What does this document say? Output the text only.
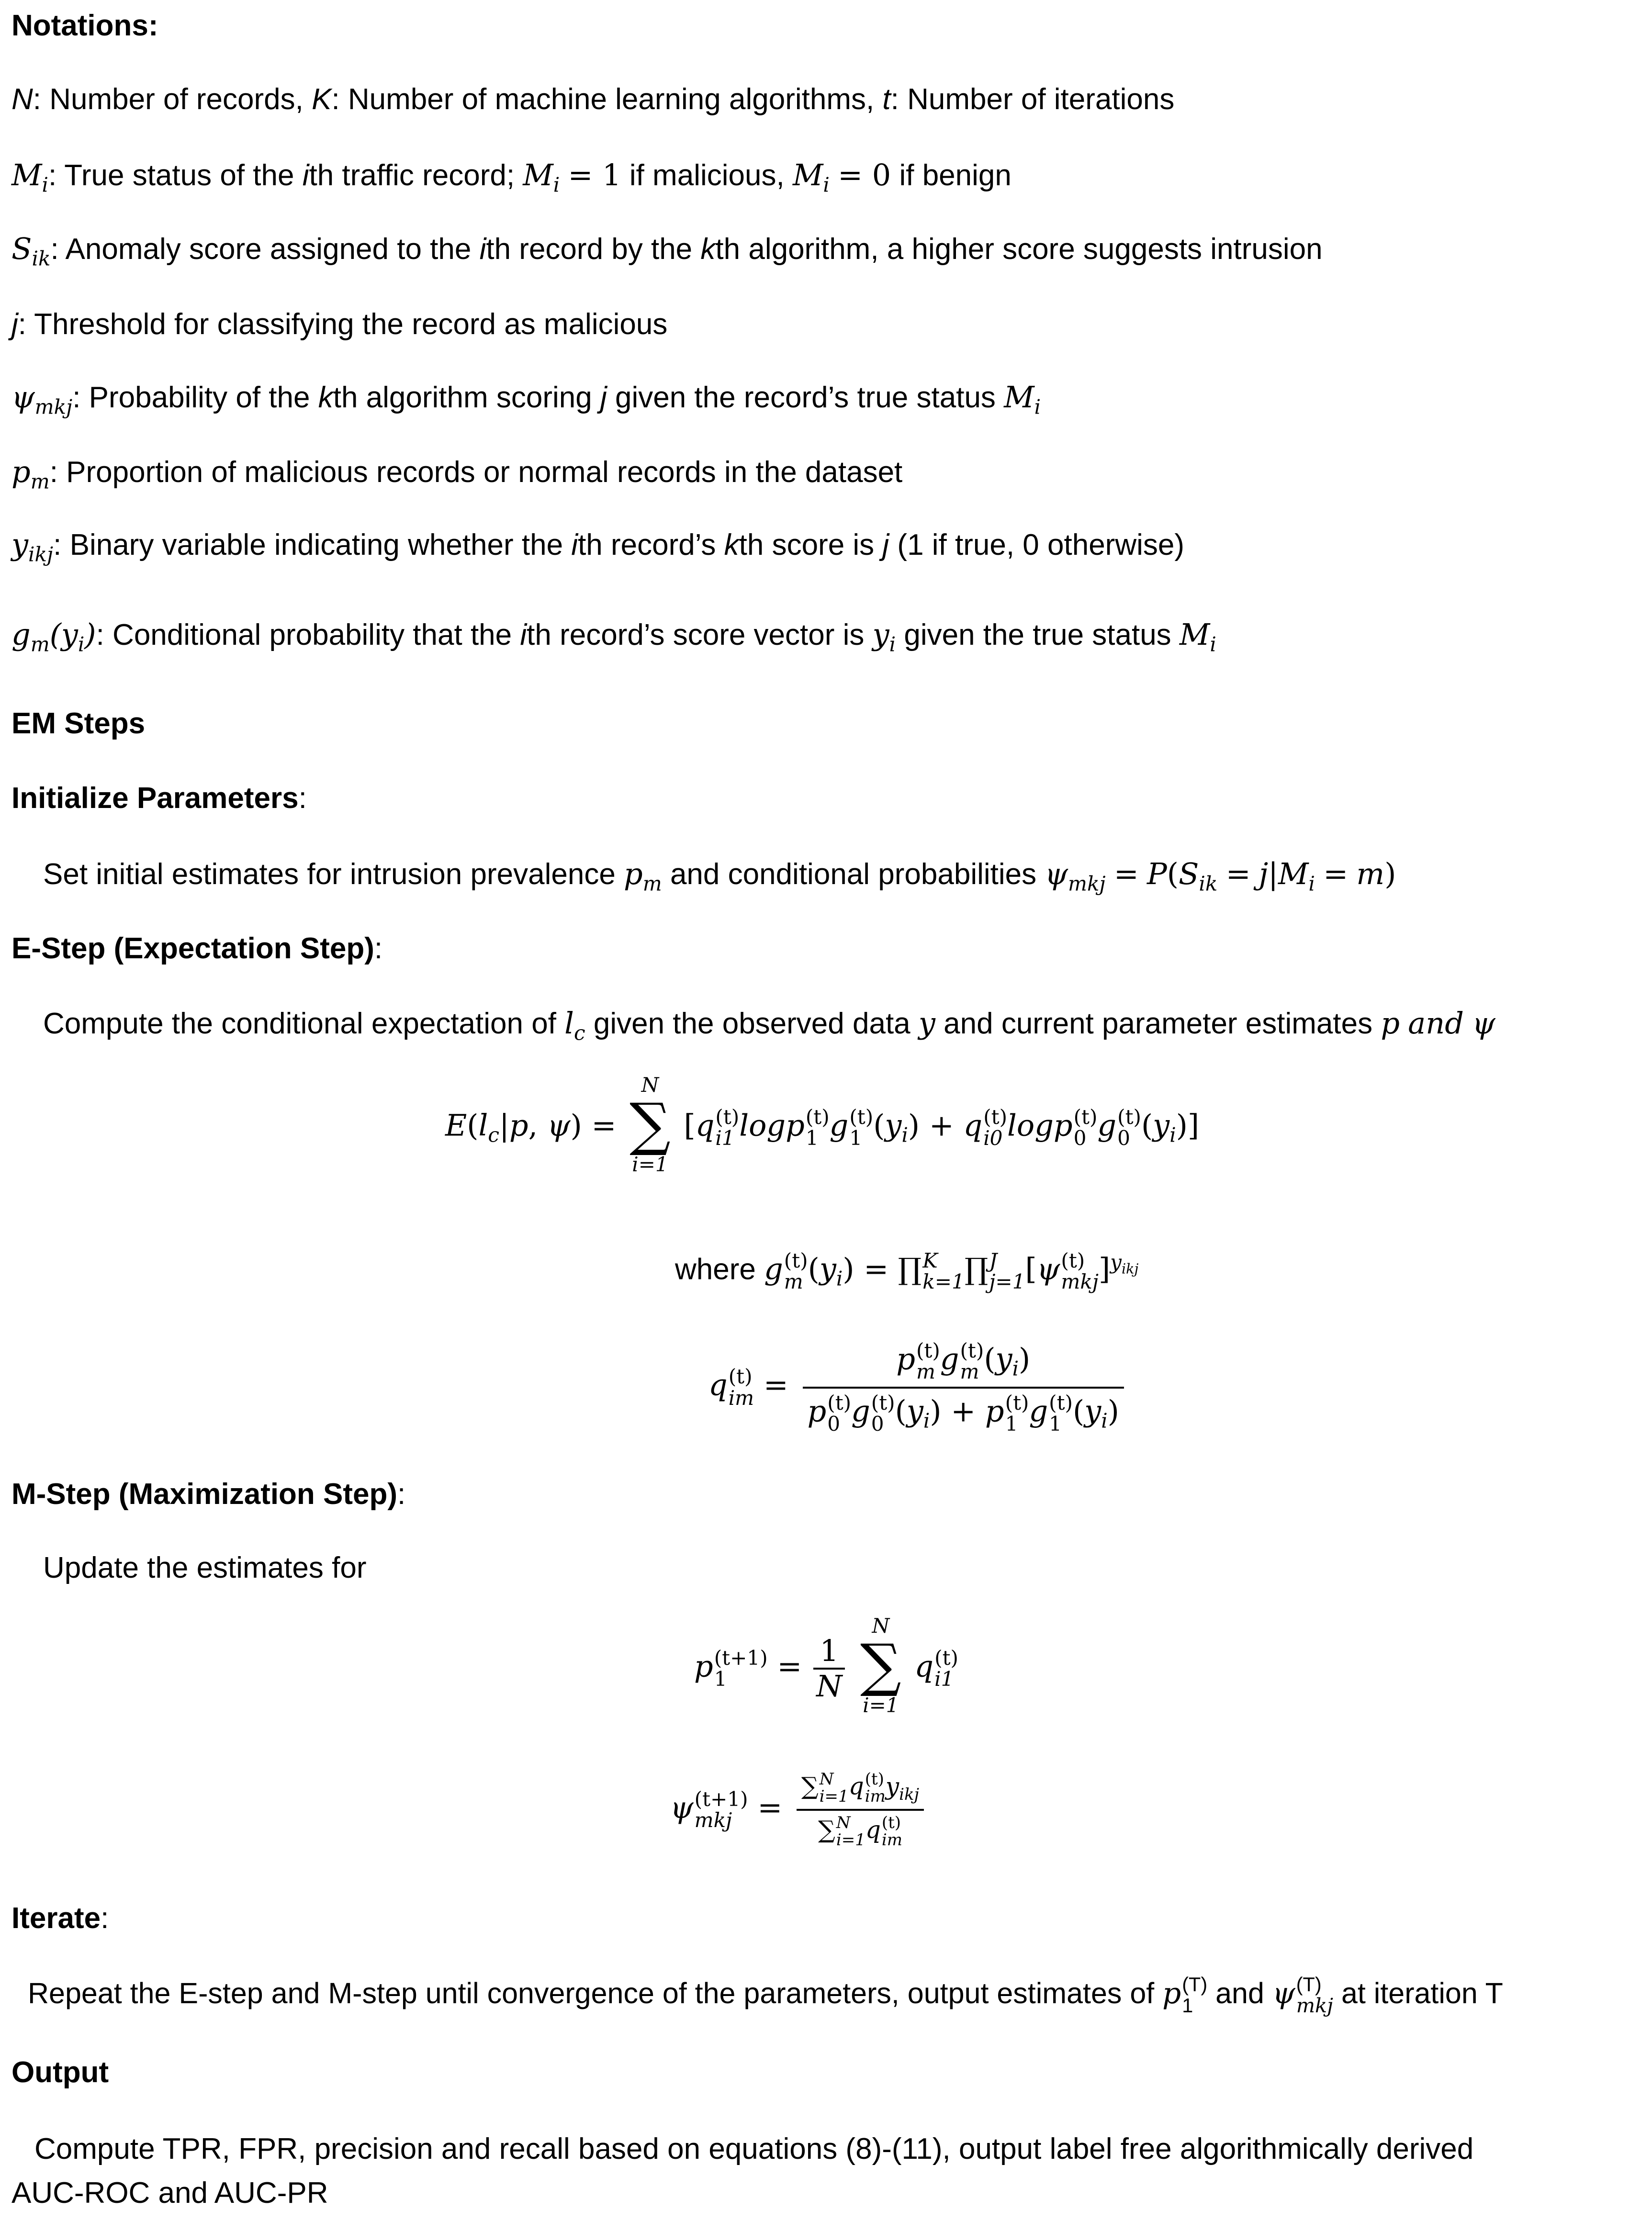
Notations:
N: Number of records, K: Number of machine learning algorithms, t: Number of iterations
$M_i$: True status of the ith traffic record; $M_i = 1$ if malicious, $M_i = 0$ if benign
$S_{ik}$: Anomaly score assigned to the ith record by the kth algorithm, a higher score suggests intrusion
j: Threshold for classifying the record as malicious
$\psi_{mkj}$: Probability of the kth algorithm scoring j given the record’s true status $M_i$
$p_m$: Proportion of malicious records or normal records in the dataset
$y_{ikj}$: Binary variable indicating whether the ith record’s kth score is j (1 if true, 0 otherwise)
$g_m(y_i)$: Conditional probability that the ith record’s score vector is $y_i$ given the true status $M_i$
EM Steps
Initialize Parameters:
Set initial estimates for intrusion prevalence $p_m$ and conditional probabilities $\psi_{mkj} = P(S_{ik} = j|M_i = m)$
E-Step (Expectation Step):
Compute the conditional expectation of $l_c$ given the observed data y and current parameter estimates p and ψ
$E(l_c|p$, ψ) =
N
∑
i=1
[q (t)
i1 logp (t)
1 g (t)
1 $(y_i) + q$ (t)
i0 logp (t)
0 g (t)
0 $(y_i)$]
where g (t)
m $(y_i)$ = ∏ K
k=1 ∏ J
j=1 [ψ (t)
mkj ]$^{y_{ikj}}$
q (t)
im = p (t)
m g (t)
m $(y_i)$
p (t)
0 g (t)
0 $(y_i) + p$ (t)
1 g (t)
1 $(y_i)$
M-Step (Maximization Step):
Update the estimates for
p (t+1)
1	= $\frac{1}{N}$

N
∑
i=1
q (t)
i1
ψ (t+1)
mkj = ∑ N
i=1 q (t)
im $y_{ikj}$
∑ N
i=1 q (t)
im
Iterate:
Repeat the E-step and M-step until convergence of the parameters, output estimates of p (T)
1 and ψ (T)
mkj at iteration T
Output
Compute TPR, FPR, precision and recall based on equations (8)-(11), output label free algorithmically derived
AUC-ROC and AUC-PR
